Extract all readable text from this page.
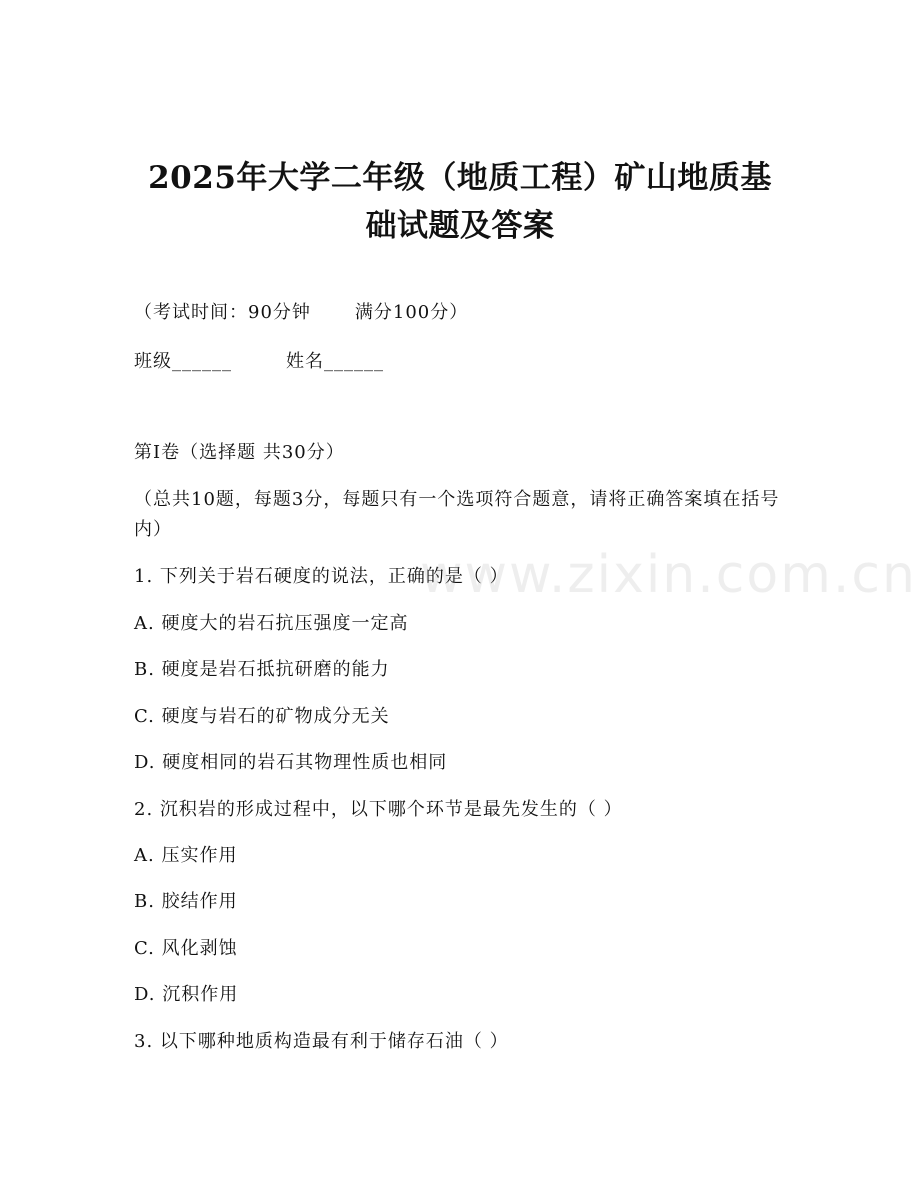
2025年大学二年级（地质工程）矿山地质基
础试题及答案
（考试时间：90分钟 满分100分）
班级______	姓名______
第Ⅰ卷（选择题 共30分）
（总共10题，每题3分，每题只有一个选项符合题意，请将正确答案填在括号内）
1. 下列关于岩石硬度的说法，正确的是（ ）
A. 硬度大的岩石抗压强度一定高
B. 硬度是岩石抵抗研磨的能力
C. 硬度与岩石的矿物成分无关
D. 硬度相同的岩石其物理性质也相同
2. 沉积岩的形成过程中，以下哪个环节是最先发生的（ ）
A. 压实作用
B. 胶结作用
C. 风化剥蚀
D. 沉积作用
3. 以下哪种地质构造最有利于储存石油（ ）
www.zixin.com.cn
